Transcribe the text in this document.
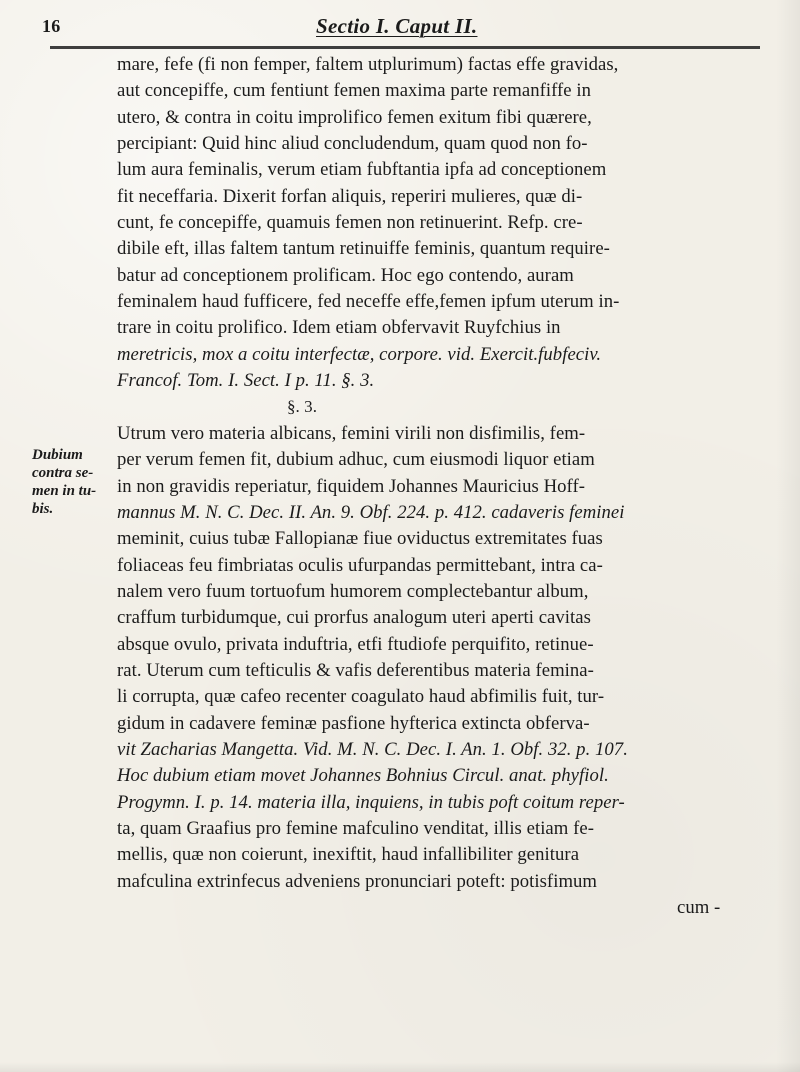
16	Sectio I. Caput II.
Dubium
contra se-
men in tu-
bis.
mare, fefe (fi non femper, faltem utplurimum) factas effe gravidas,
aut concepiffe, cum fentiunt femen maxima parte remanfiffe in
utero, & contra in coitu improlifico femen exitum fibi quærere,
percipiant: Quid hinc aliud concludendum, quam quod non fo-
lum aura feminalis, verum etiam fubftantia ipfa ad conceptionem
fit neceffaria. Dixerit forfan aliquis, reperiri mulieres, quæ di-
cunt, fe concepiffe, quamuis femen non retinuerint. Refp. cre-
dibile eft, illas faltem tantum retinuiffe feminis, quantum require-
batur ad conceptionem prolificam. Hoc ego contendo, auram
feminalem haud fufficere, fed neceffe effe,femen ipfum uterum in-
trare in coitu prolifico. Idem etiam obfervavit Ruyfchius in
meretricis, mox a coitu interfectæ, corpore. vid. Exercit.fubfeciv.
Francof. Tom. I. Sect. I p. 11. §. 3.
§. 3.
Utrum vero materia albicans, femini virili non disfimilis, fem-
per verum femen fit, dubium adhuc, cum eiusmodi liquor etiam
in non gravidis reperiatur, fiquidem Johannes Mauricius Hoff-
mannus M. N. C. Dec. II. An. 9. Obf. 224. p. 412. cadaveris feminei
meminit, cuius tubæ Fallopianæ fiue oviductus extremitates fuas
foliaceas feu fimbriatas oculis ufurpandas permittebant, intra ca-
nalem vero fuum tortuofum humorem complectebantur album,
craffum turbidumque, cui prorfus analogum uteri aperti cavitas
absque ovulo, privata induftria, etfi ftudiofe perquifito, retinue-
rat. Uterum cum tefticulis & vafis deferentibus materia femina-
li corrupta, quæ cafeo recenter coagulato haud abfimilis fuit, tur-
gidum in cadavere feminæ pasfione hyfterica extincta obferva-
vit Zacharias Mangetta. Vid. M. N. C. Dec. I. An. 1. Obf. 32. p. 107.
Hoc dubium etiam movet Johannes Bohnius Circul. anat. phyfiol.
Progymn. I. p. 14. materia illa, inquiens, in tubis poft coitum reper-
ta, quam Graafius pro femine mafculino venditat, illis etiam fe-
mellis, quæ non coierunt, inexiftit, haud infallibiliter genitura
mafculina extrinfecus adveniens pronunciari poteft: potisfimum
cum -
